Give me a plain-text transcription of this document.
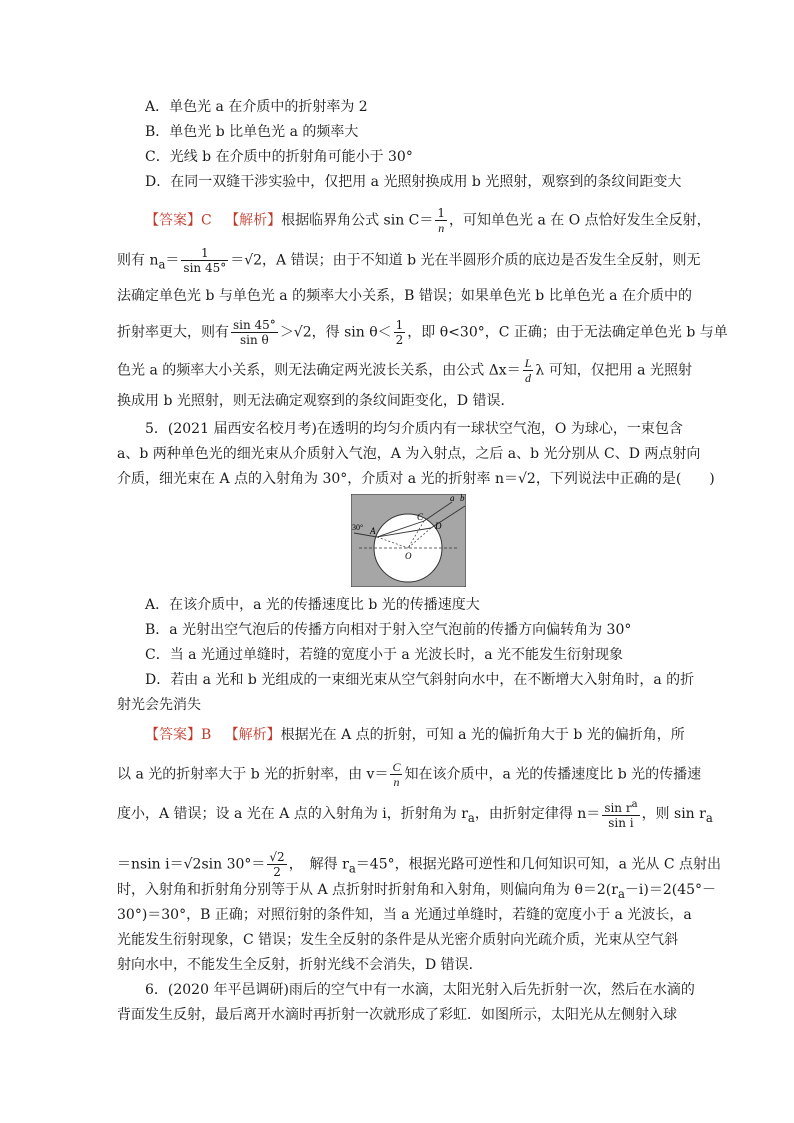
A．单色光 a 在介质中的折射率为 2
B．单色光 b 比单色光 a 的频率大
C．光线 b 在介质中的折射角可能小于 30°
D．在同一双缝干涉实验中，仅把用 a 光照射换成用 b 光照射，观察到的条纹间距变大
【答案】C 【解析】根据临界角公式 $\sin C= \frac{1}{n}$ ，可知单色光 a 在 O 点恰好发生全反射，
则有 $n_a= \frac{1}{\sin 45^\circ} =√2$，A 错误；由于不知道 b 光在半圆形介质的底边是否发生全反射，则无
法确定单色光 b 与单色光 a 的频率大小关系，B 错误；如果单色光 b 比单色光 a 在介质中的
折射率更大，则有 $\frac{\sin 45^\circ}{\text{sin θ}} >√2$，得 $\sin \theta< \frac{1}{2}$ ，即 θ<30°，C 正确；由于无法确定单色光 b 与单
色光 a 的频率大小关系，则无法确定两光波长关系，由公式 $\Delta x= \frac{L}{d}$ λ 可知，仅把用 a 光照射
换成用 b 光照射，则无法确定观察到的条纹间距变化，D 错误．
5．(2021 届西安名校月考)在透明的均匀介质内有一球状空气泡，O 为球心，一束包含
a、b 两种单色光的细光束从介质射入气泡，A 为入射点，之后 a、b 光分别从 C、D 两点射向
介质，细光束在 A 点的入射角为 30°，介质对 a 光的折射率 n＝√2，下列说法中正确的是(　　)
30° A
C
D
O
a b
A．在该介质中，a 光的传播速度比 b 光的传播速度大
B．a 光射出空气泡后的传播方向相对于射入空气泡前的传播方向偏转角为 30°
C．当 a 光通过单缝时，若缝的宽度小于 a 光波长时，a 光不能发生衍射现象
D．若由 a 光和 b 光组成的一束细光束从空气斜射向水中，在不断增大入射角时，a 的折
射光会先消失
【答案】B 【解析】根据光在 A 点的折射，可知 a 光的偏折角大于 b 光的偏折角，所
以 a 光的折射率大于 b 光的折射率，由 $v= \frac{C}{n}$ 知在该介质中，a 光的传播速度比 b 光的传播速
度小，A 错误；设 a 光在 A 点的入射角为 i，折射角为 $r_a$，由折射定律得 $n= \frac{\sin r^a}{\text{sin i}}$ ，则 $\sin r_a$
＝nsin i＝√2sin $30^\circ= \frac{√2}{2}$ ，　解得 $r_a=45^\circ$，根据光路可逆性和几何知识可知，a 光从 C 点射出
时，入射角和折射角分别等于从 A 点折射时折射角和入射角，则偏向角为 $\theta=2(r_a-i)=2(45^\circ-$
30°)＝30°，B 正确；对照衍射的条件知，当 a 光通过单缝时，若缝的宽度小于 a 光波长，a
光能发生衍射现象，C 错误；发生全反射的条件是从光密介质射向光疏介质，光束从空气斜
射向水中，不能发生全反射，折射光线不会消失，D 错误．
6．(2020 年平邑调研)雨后的空气中有一水滴，太阳光射入后先折射一次，然后在水滴的
背面发生反射，最后离开水滴时再折射一次就形成了彩虹．如图所示，太阳光从左侧射入球
